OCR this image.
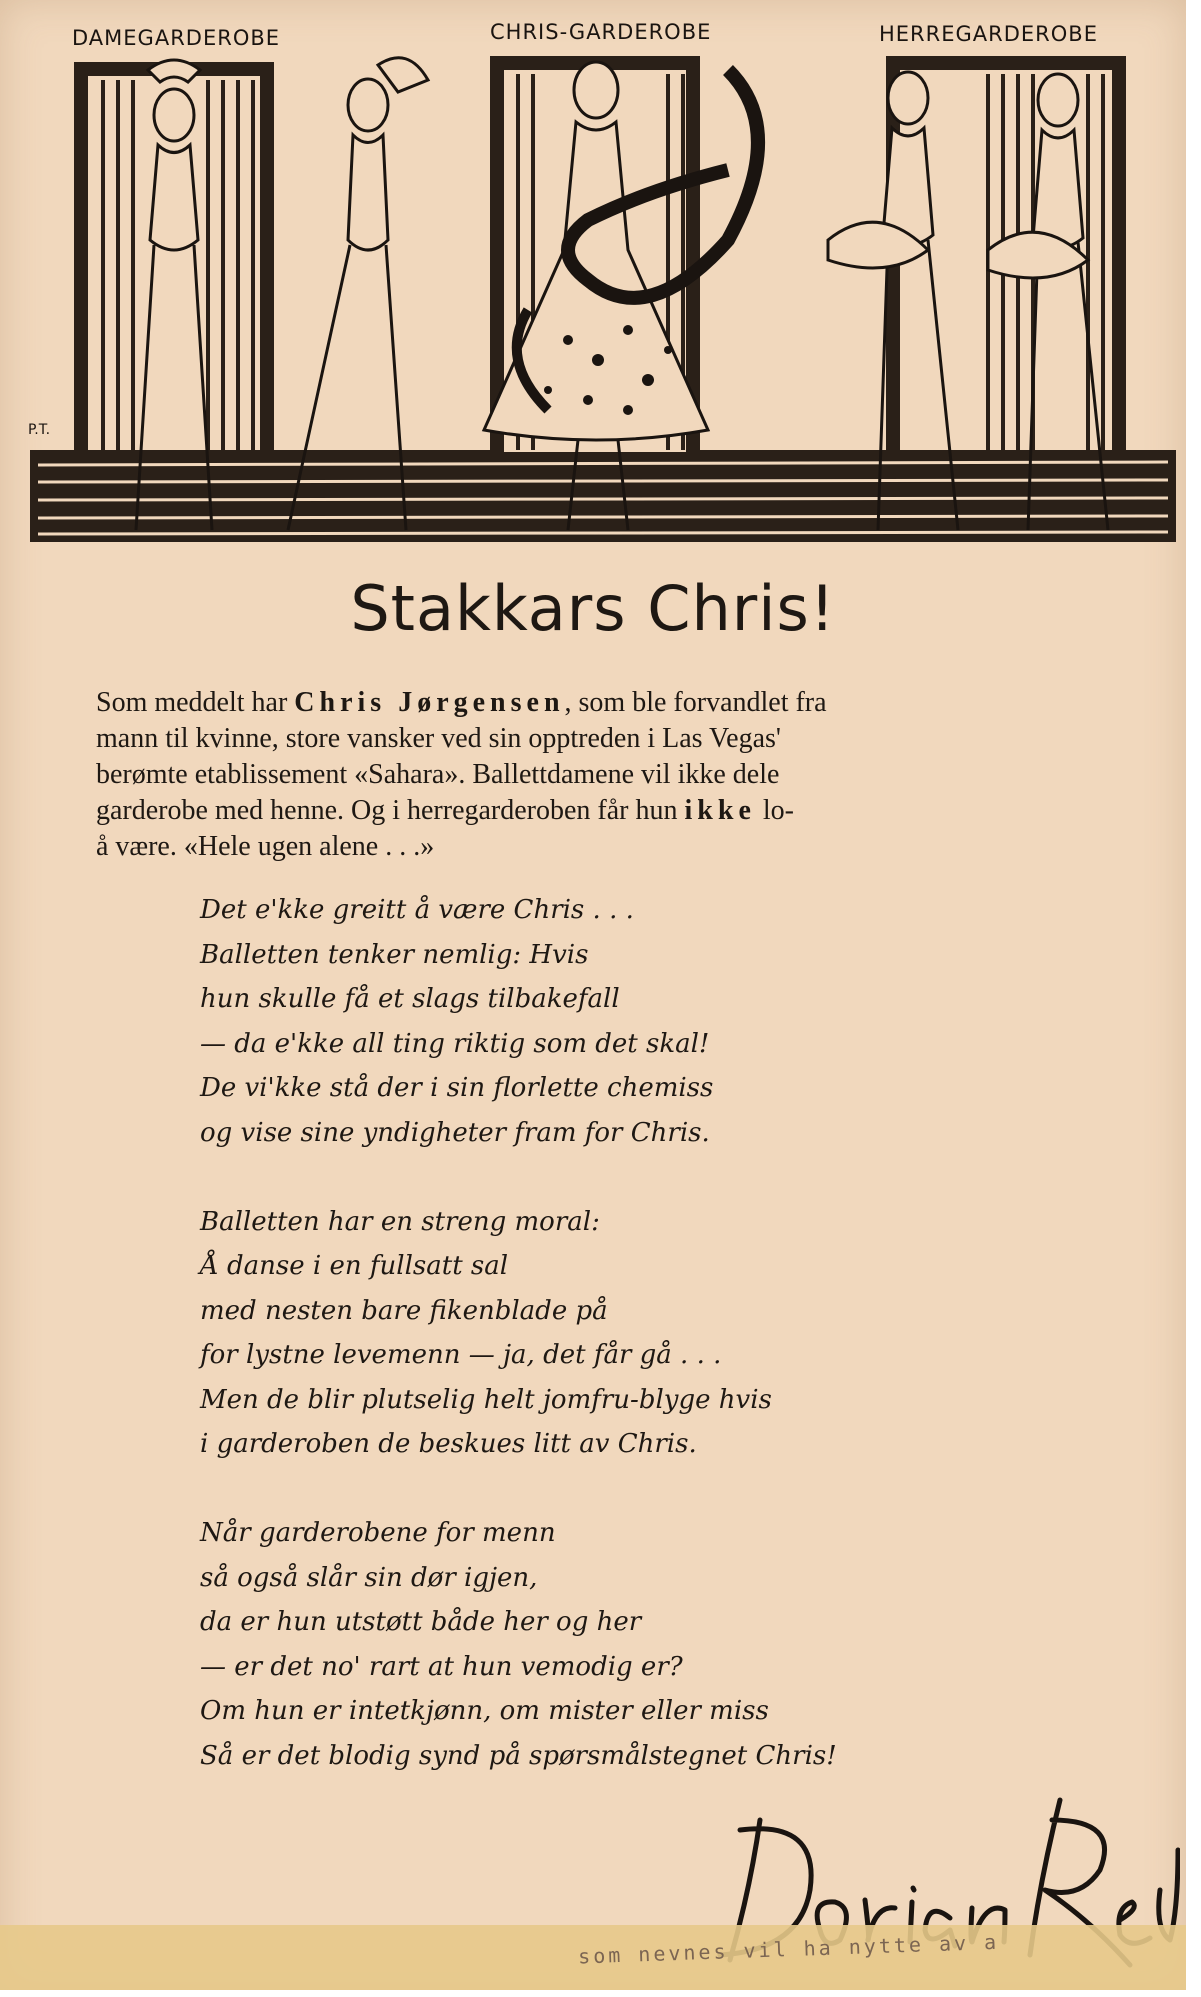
DAMEGARDEROBE	CHRIS-GARDEROBE	HERREGARDEROBE
P.T.
Stakkars Chris!
Som meddelt har Chris Jørgensen, som ble forvandlet fra
mann til kvinne, store vansker ved sin opptreden i Las Vegas'
berømte etablissement «Sahara». Ballettdamene vil ikke dele
garderobe med henne. Og i herregarderoben får hun ikke lo-
å være. «Hele ugen alene . . .»
Det e'kke greitt å være Chris . . .
Balletten tenker nemlig: Hvis
hun skulle få et slags tilbakefall
— da e'kke all ting riktig som det skal!
De vi'kke stå der i sin florlette chemiss
og vise sine yndigheter fram for Chris.
Balletten har en streng moral:
Å danse i en fullsatt sal
med nesten bare fikenblade på
for lystne levemenn — ja, det får gå . . .
Men de blir plutselig helt jomfru-blyge hvis
i garderoben de beskues litt av Chris.
Når garderobene for menn
så også slår sin dør igjen,
da er hun utstøtt både her og her
— er det no' rart at hun vemodig er?
Om hun er intetkjønn, om mister eller miss
Så er det blodig synd på spørsmålstegnet Chris!
som nevnes vil ha nytte av a
